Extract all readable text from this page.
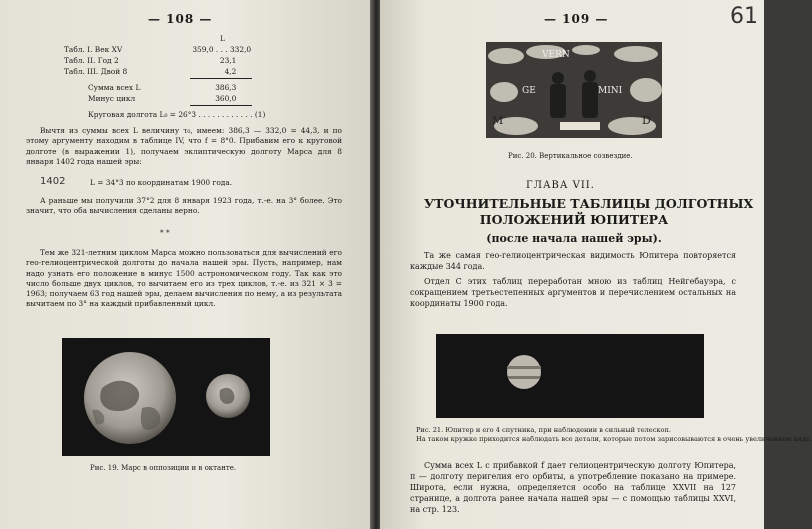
— 108 —
L
Табл. I. Век XV	359,0 . . . 332,0
Табл. II. Год 2	23,1
Табл. III. Двой 8	4,2
Сумма всех L	386,3
Минус цикл	360,0
Круговая долгота L₀ = 26°3 . . . . . . . . . . . . (1)

Вычтя из суммы всех L величину τ₀, имеем: 386,3 — 332,0 = 44,3, и по этому аргументу находим в таблице IV, что f = 8°0. Прибавим его к круговой долготе (в выражении 1), получаем эклиптическую долготу Марса для 8 января 1402 года нашей эры:

1402	L = 34°3 по координатам 1900 года.

А раньше мы получили 37°2 для 8 января 1923 года, т.-е. на 3° более. Это значит, что оба вычисления сделаны верно.

* *

Тем же 321-летним циклом Марса можно пользоваться для вычислений его гео-гелиоцентрической долготы до начала нашей эры. Пусть, например, нам надо узнать его положение в минус 1500 астрономическом году. Так как это число больше двух циклов, то вычитаем его из трех циклов, т.-е. из 321 × 3 = 1963; получаем 63 год нашей эры, делаем вычисления по нему, а из результата вычитаем по 3° на каждый прибавленный цикл.

Рис. 19. Марс в оппозиции и в октанте.
— 109 —	61
VERN
GE	MINI
M	D
Рис. 20. Вертикальное созвездие.
ГЛАВА VII.
УТОЧНИТЕЛЬНЫЕ ТАБЛИЦЫ ДОЛГОТНЫХ
ПОЛОЖЕНИЙ ЮПИТЕРА
(после начала нашей эры).

Та же самая гео-гелиоцентрическая видимость Юпитера повторяется каждые 344 года.

Отдел С этих таблиц переработан мною из таблиц Нейгебауэра, с сокращением третьестепенных аргументов и перечислением остальных на координаты 1900 года.

Рис. 21. Юпитер и его 4 спутника, при наблюдении в сильный телескоп.
На таком кружке приходится наблюдать все детали, которые потом зарисовываются в очень увеличенном виде.

Сумма всех L с прибавкой f дает гелиоцентрическую долготу Юпитера, π — долготу перигелия его орбиты, а употребление показано на примере. Широта, если нужна, определяется особо на таблице XXVII на 127 странице, а долгота ранее начала нашей эры — с помощью таблицы XXVI, на стр. 123.
